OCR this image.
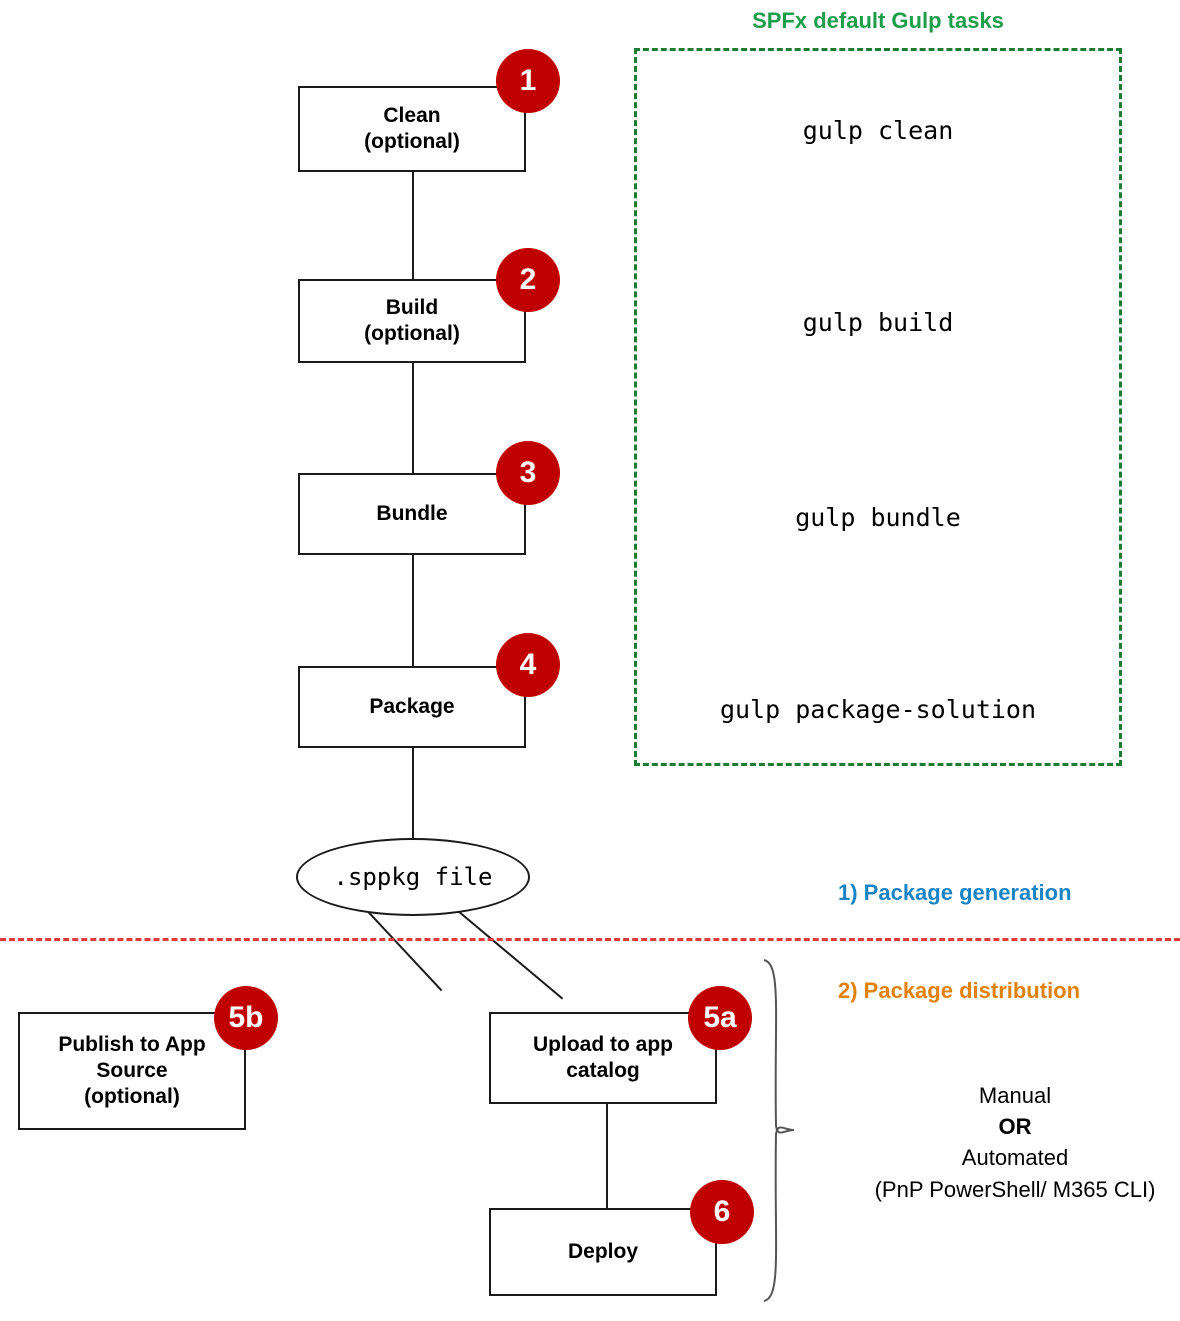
SPFx default Gulp tasks
gulp clean
gulp build
gulp bundle
gulp package-solution
Clean
(optional)
1
Build
(optional)
2
Bundle
3
Package
4
.sppkg file
1) Package generation
2) Package distribution
Publish to App
Source
(optional)
5b
Upload to app
catalog
5a
Deploy
6
Manual
OR
Automated
(PnP PowerShell/ M365 CLI)
